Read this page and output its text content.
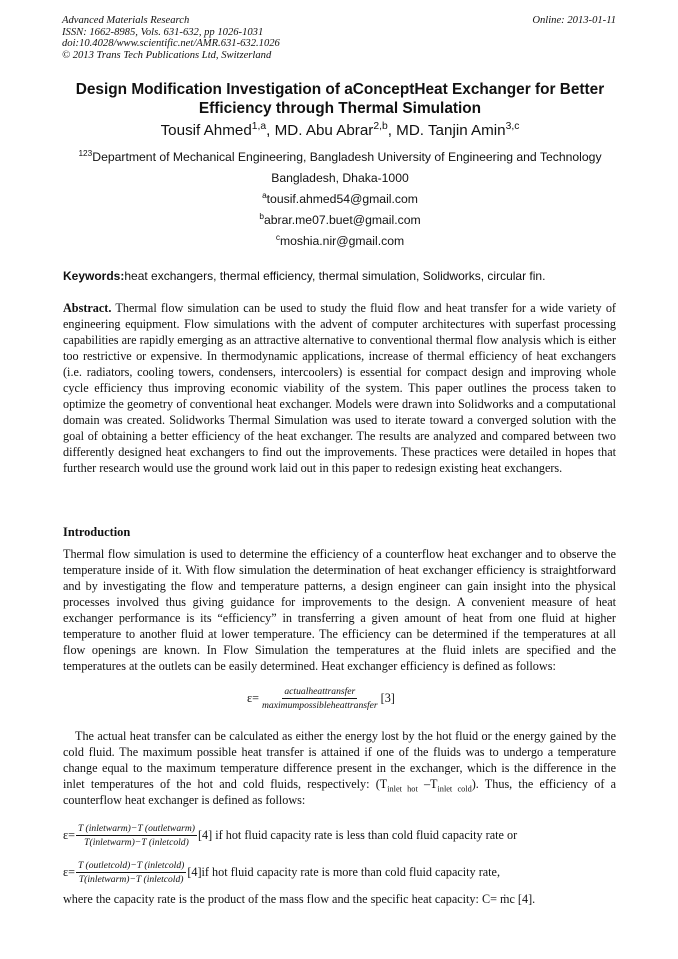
Advanced Materials Research
ISSN: 1662-8985, Vols. 631-632, pp 1026-1031
doi:10.4028/www.scientific.net/AMR.631-632.1026
© 2013 Trans Tech Publications Ltd, Switzerland
Online: 2013-01-11
Design Modification Investigation of aConceptHeat Exchanger for Better
Efficiency through Thermal Simulation
Tousif Ahmed$^{1,a}$, MD. Abu Abrar$^{2,b}$, MD. Tanjin Amin$^{3,c}$
$^{123}$Department of Mechanical Engineering, Bangladesh University of Engineering and Technology
Bangladesh, Dhaka-1000
$^a$tousif.ahmed54@gmail.com
$^b$abrar.me07.buet@gmail.com
$^c$moshia.nir@gmail.com
Keywords:heat exchangers, thermal efficiency, thermal simulation, Solidworks, circular fin.
Abstract. Thermal flow simulation can be used to study the fluid flow and heat transfer for a wide variety of engineering equipment. Flow simulations with the advent of computer architectures with superfast processing capabilities are rapidly emerging as an attractive alternative to conventional thermal flow analysis which is either too restrictive or expensive. In thermodynamic applications, increase of thermal efficiency of heat exchangers (i.e. radiators, cooling towers, condensers, intercoolers) is essential for compact design and improving whole cycle efficiency thus improving economic viability of the system. This paper outlines the process taken to optimize the geometry of conventional heat exchanger. Models were drawn into Solidworks and a computational domain was created. Solidworks Thermal Simulation was used to iterate toward a converged solution with the goal of obtaining a better efficiency of the heat exchanger. The results are analyzed and compared between two differently designed heat exchangers to find out the improvements. These practices were detailed in hopes that further research would use the ground work laid out in this paper to redesign existing heat exchangers.
Introduction
Thermal flow simulation is used to determine the efficiency of a counterflow heat exchanger and to observe the temperature inside of it. With flow simulation the determination of heat exchanger efficiency is straightforward and by investigating the flow and temperature patterns, a design engineer can gain insight into the physical processes involved thus giving guidance for improvements to the design. A convenient measure of heat exchanger performance is its “efficiency” in transferring a given amount of heat from one fluid at higher temperature to another fluid at lower temperature. The efficiency can be determined if the temperatures at all flow openings are known. In Flow Simulation the temperatures at the fluid inlets are specified and the temperatures at the outlets can be easily determined. Heat exchanger efficiency is defined as follows:
$\varepsilon= \frac{\text{actualheattransfer}}{\text{maximumpossibleheattransfer}} [3]$
The actual heat transfer can be calculated as either the energy lost by the hot fluid or the energy gained by the cold fluid. The maximum possible heat transfer is attained if one of the fluids was to undergo a temperature change equal to the maximum temperature difference present in the exchanger, which is the difference in the inlet temperatures of the hot and cold fluids, respectively: ($T_{inlet hot}$ $-T_{inlet cold}$). Thus, the efficiency of a counterflow heat exchanger is defined as follows:
$\varepsilon= \frac{\text{T (inletwarm)−T (outletwarm)}}{\text{T(inletwarm)−T (inletcold)}} [4]$ if hot fluid capacity rate is less than cold fluid capacity rate or
$\varepsilon= \frac{\text{T (outletcold)−T (inletcold)}}{\text{T(inletwarm)−T (inletcold)}} [4]if$ hot fluid capacity rate is more than cold fluid capacity rate,
where the capacity rate is the product of the mass flow and the specific heat capacity: C= ṁc [4].
